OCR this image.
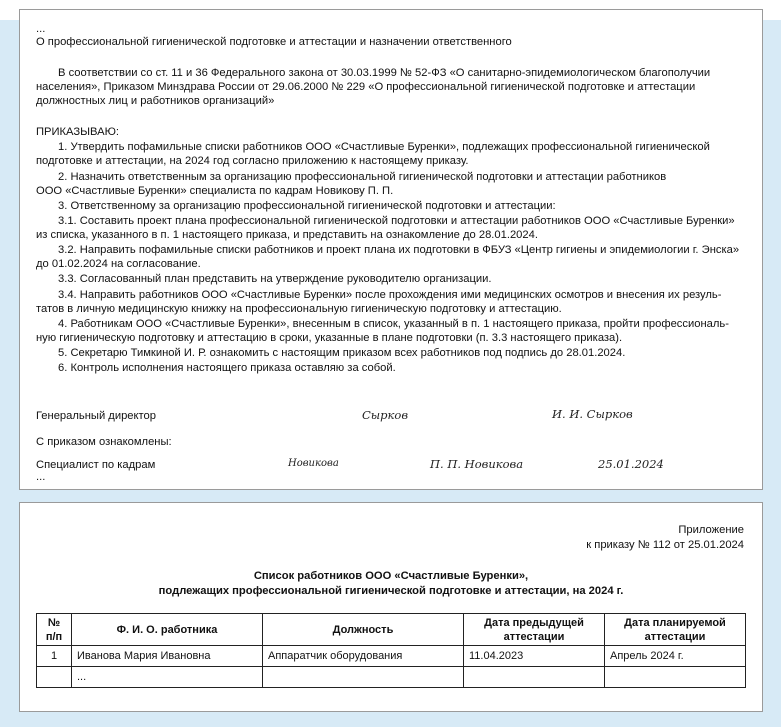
...
О профессиональной гигиенической подготовке и аттестации и назначении ответственного
В соответствии со ст. 11 и 36 Федерального закона от 30.03.1999 № 52-ФЗ «О санитарно-эпидемиологическом благополучии
населения», Приказом Минздрава России от 29.06.2000 № 229 «О профессиональной гигиенической подготовке и аттестации
должностных лиц и работников организаций»
ПРИКАЗЫВАЮ:
1. Утвердить пофамильные списки работников ООО «Счастливые Буренки», подлежащих профессиональной гигиенической
подготовке и аттестации, на 2024 год согласно приложению к настоящему приказу.
2. Назначить ответственным за организацию профессиональной гигиенической подготовки и аттестации работников
ООО «Счастливые Буренки» специалиста по кадрам Новикову П. П.
3. Ответственному за организацию профессиональной гигиенической подготовки и аттестации:
3.1. Составить проект плана профессиональной гигиенической подготовки и аттестации работников ООО «Счастливые Буренки»
из списка, указанного в п. 1 настоящего приказа, и представить на ознакомление до 28.01.2024.
3.2. Направить пофамильные списки работников и проект плана их подготовки в ФБУЗ «Центр гигиены и эпидемиологии г. Энска»
до 01.02.2024 на согласование.
3.3. Согласованный план представить на утверждение руководителю организации.
3.4. Направить работников ООО «Счастливые Буренки» после прохождения ими медицинских осмотров и внесения их резуль-
татов в личную медицинскую книжку на профессиональную гигиеническую подготовку и аттестацию.
4. Работникам ООО «Счастливые Буренки», внесенным в список, указанный в п. 1 настоящего приказа, пройти профессиональ-
ную гигиеническую подготовку и аттестацию в сроки, указанные в плане подготовки (п. 3.3 настоящего приказа).
5. Секретарю Тимкиной И. Р. ознакомить с настоящим приказом всех работников под подпись до 28.01.2024.
6. Контроль исполнения настоящего приказа оставляю за собой.
Генеральный директор	Сырков	И. И. Сырков
С приказом ознакомлены:
Специалист по кадрам	Новикова	П. П. Новикова	25.01.2024
...
Приложение
к приказу № 112 от 25.01.2024
Список работников ООО «Счастливые Буренки»,
подлежащих профессиональной гигиенической подготовке и аттестации, на 2024 г.
№ п/п	Ф. И. О. работника	Должность	Дата предыдущей аттестации	Дата планируемой аттестации
1	Иванова Мария Ивановна	Аппаратчик оборудования	11.04.2023	Апрель 2024 г.
	...			
